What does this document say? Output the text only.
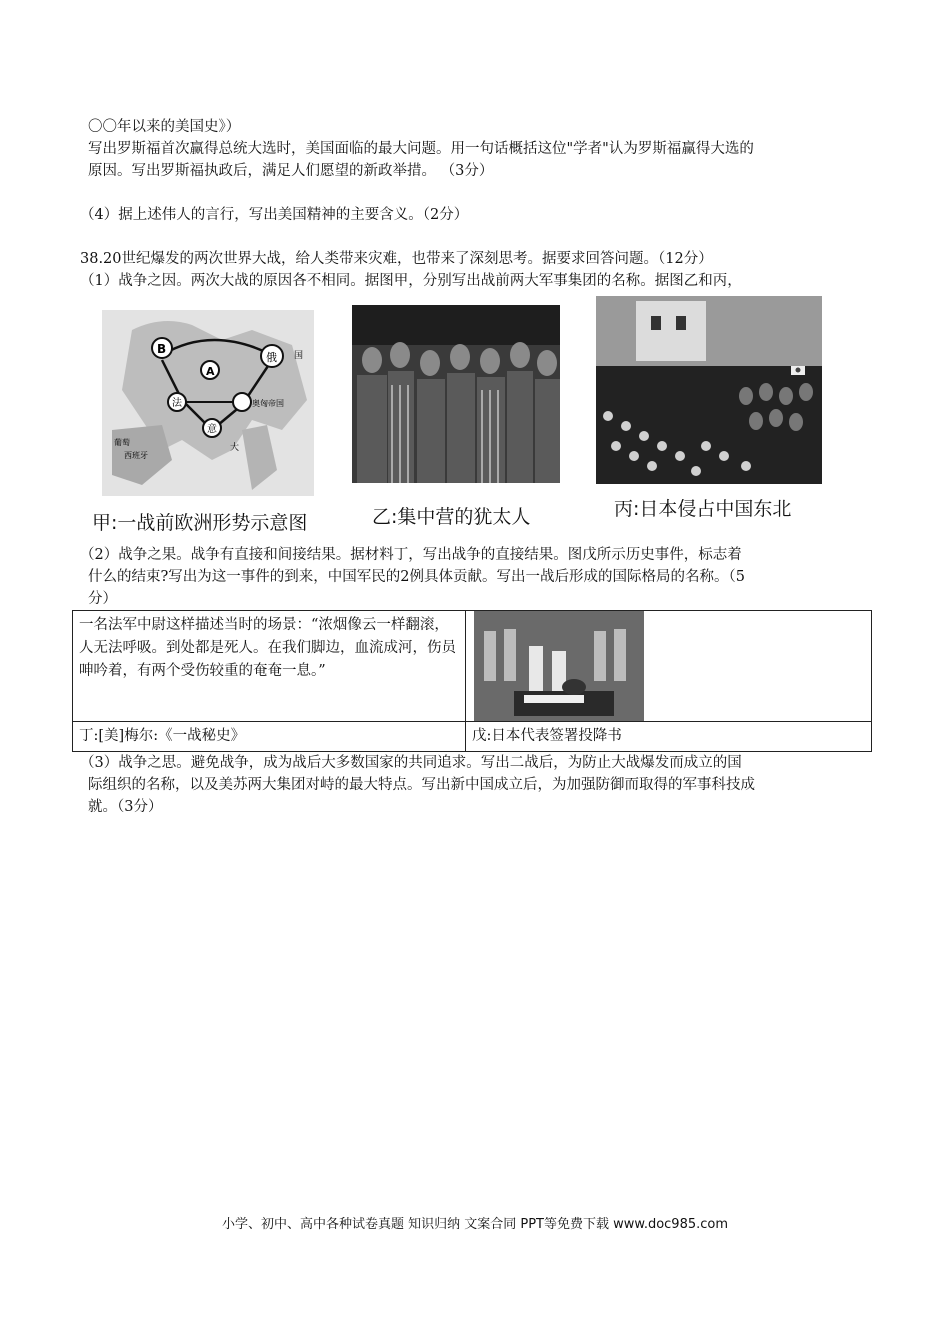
〇〇年以来的美国史》）
写出罗斯福首次赢得总统大选时，美国面临的最大问题。用一句话概括这位"学者"认为罗斯福赢得大选的
原因。写出罗斯福执政后，满足人们愿望的新政举措。 （3分）
（4）据上述伟人的言行，写出美国精神的主要含义。（2分）
38.20世纪爆发的两次世界大战，给人类带来灾难，也带来了深刻思考。据要求回答问题。（12分）
（1）战争之因。两次大战的原因各不相同。据图甲，分别写出战前两大军事集团的名称。据图乙和丙，
B
A
俄 国
法
意
奥匈帝国
西班牙
大
葡萄
甲:一战前欧洲形势示意图	乙:集中营的犹太人	丙:日本侵占中国东北
（2）战争之果。战争有直接和间接结果。据材料丁，写出战争的直接结果。图戊所示历史事件，标志着
什么的结束?写出为这一事件的到来，中国军民的2例具体贡献。写出一战后形成的国际格局的名称。（5
分）
一名法军中尉这样描述当时的场景：“浓烟像云一样翻滚，人无法呼吸。到处都是死人。在我们脚边，血流成河，伤员呻吟着，有两个受伤较重的奄奄一息。”	

丁:[美]梅尔:《一战秘史》	戊:日本代表签署投降书
（3）战争之思。避免战争，成为战后大多数国家的共同追求。写出二战后，为防止大战爆发而成立的国
际组织的名称，以及美苏两大集团对峙的最大特点。写出新中国成立后，为加强防御而取得的军事科技成
就。（3分）
小学、初中、高中各种试卷真题 知识归纳 文案合同 PPT等免费下载 www.doc985.com
